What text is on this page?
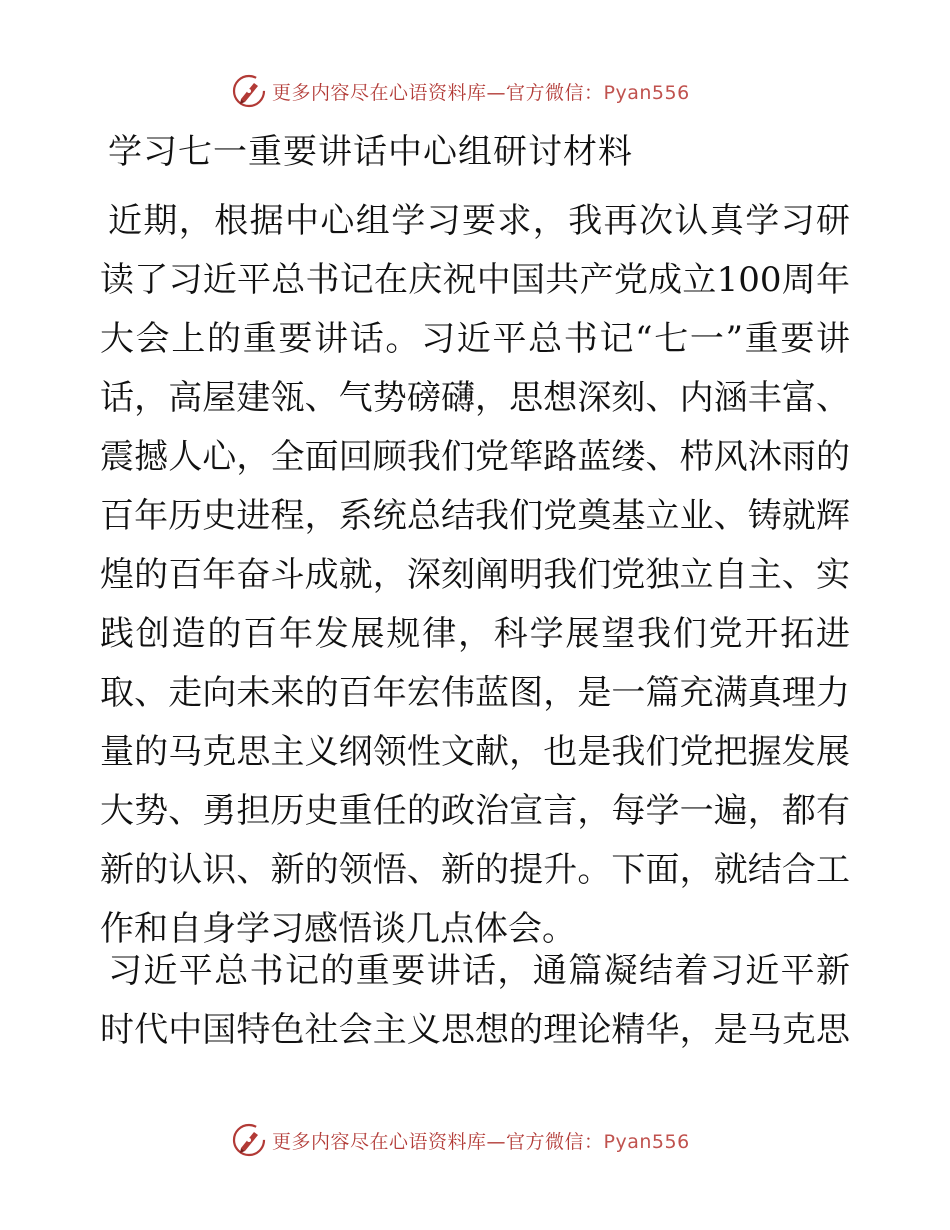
更多内容尽在心语资料库—官方微信：Pyan556
学习七一重要讲话中心组研讨材料
近期，根据中心组学习要求，我再次认真学习研
读了习近平总书记在庆祝中国共产党成立100周年
大会上的重要讲话。习近平总书记“七一”重要讲
话，高屋建瓴、气势磅礴，思想深刻、内涵丰富、
震撼人心，全面回顾我们党筚路蓝缕、栉风沐雨的
百年历史进程，系统总结我们党奠基立业、铸就辉
煌的百年奋斗成就，深刻阐明我们党独立自主、实
践创造的百年发展规律，科学展望我们党开拓进
取、走向未来的百年宏伟蓝图，是一篇充满真理力
量的马克思主义纲领性文献，也是我们党把握发展
大势、勇担历史重任的政治宣言，每学一遍，都有
新的认识、新的领悟、新的提升。下面，就结合工
作和自身学习感悟谈几点体会。
习近平总书记的重要讲话，通篇凝结着习近平新
时代中国特色社会主义思想的理论精华，是马克思
更多内容尽在心语资料库—官方微信：Pyan556
